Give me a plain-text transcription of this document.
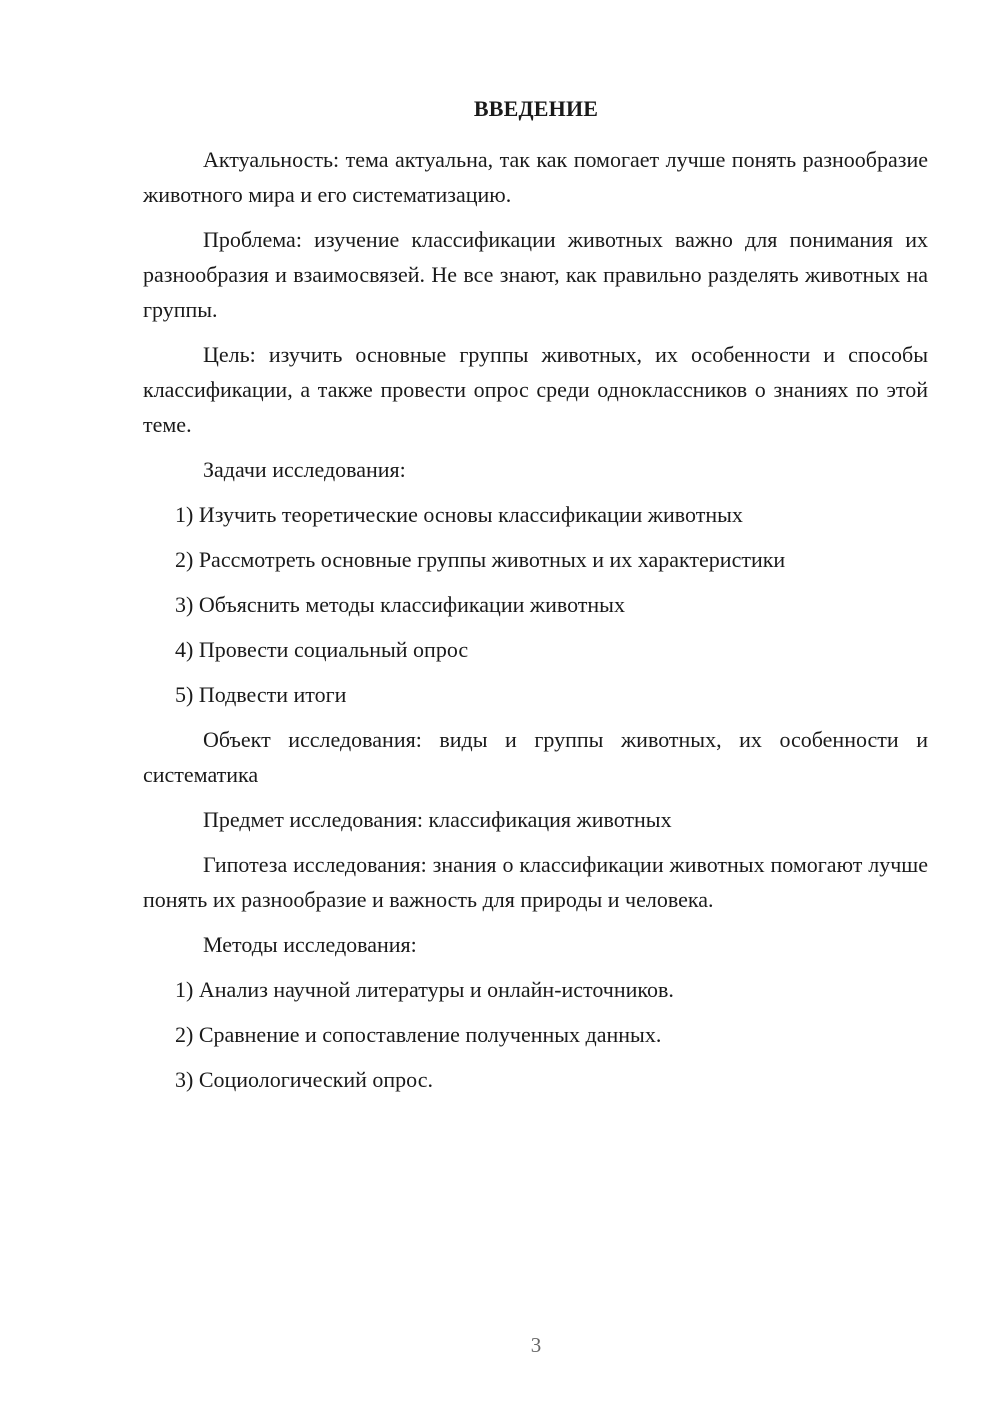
ВВЕДЕНИЕ

Актуальность: тема актуальна, так как помогает лучше понять разнообразие животного мира и его систематизацию.

Проблема: изучение классификации животных важно для понимания их разнообразия и взаимосвязей. Не все знают, как правильно разделять животных на группы.

Цель: изучить основные группы животных, их особенности и способы классификации, а также провести опрос среди одноклассников о знаниях по этой теме.

Задачи исследования:

1) Изучить теоретические основы классификации животных
2) Рассмотреть основные группы животных и их характеристики
3) Объяснить методы классификации животных
4) Провести социальный опрос
5) Подвести итоги

Объект исследования: виды и группы животных, их особенности и систематика

Предмет исследования: классификация животных

Гипотеза исследования: знания о классификации животных помогают лучше понять их разнообразие и важность для природы и человека.

Методы исследования:

1) Анализ научной литературы и онлайн-источников.
2) Сравнение и сопоставление полученных данных.
3) Социологический опрос.
3
